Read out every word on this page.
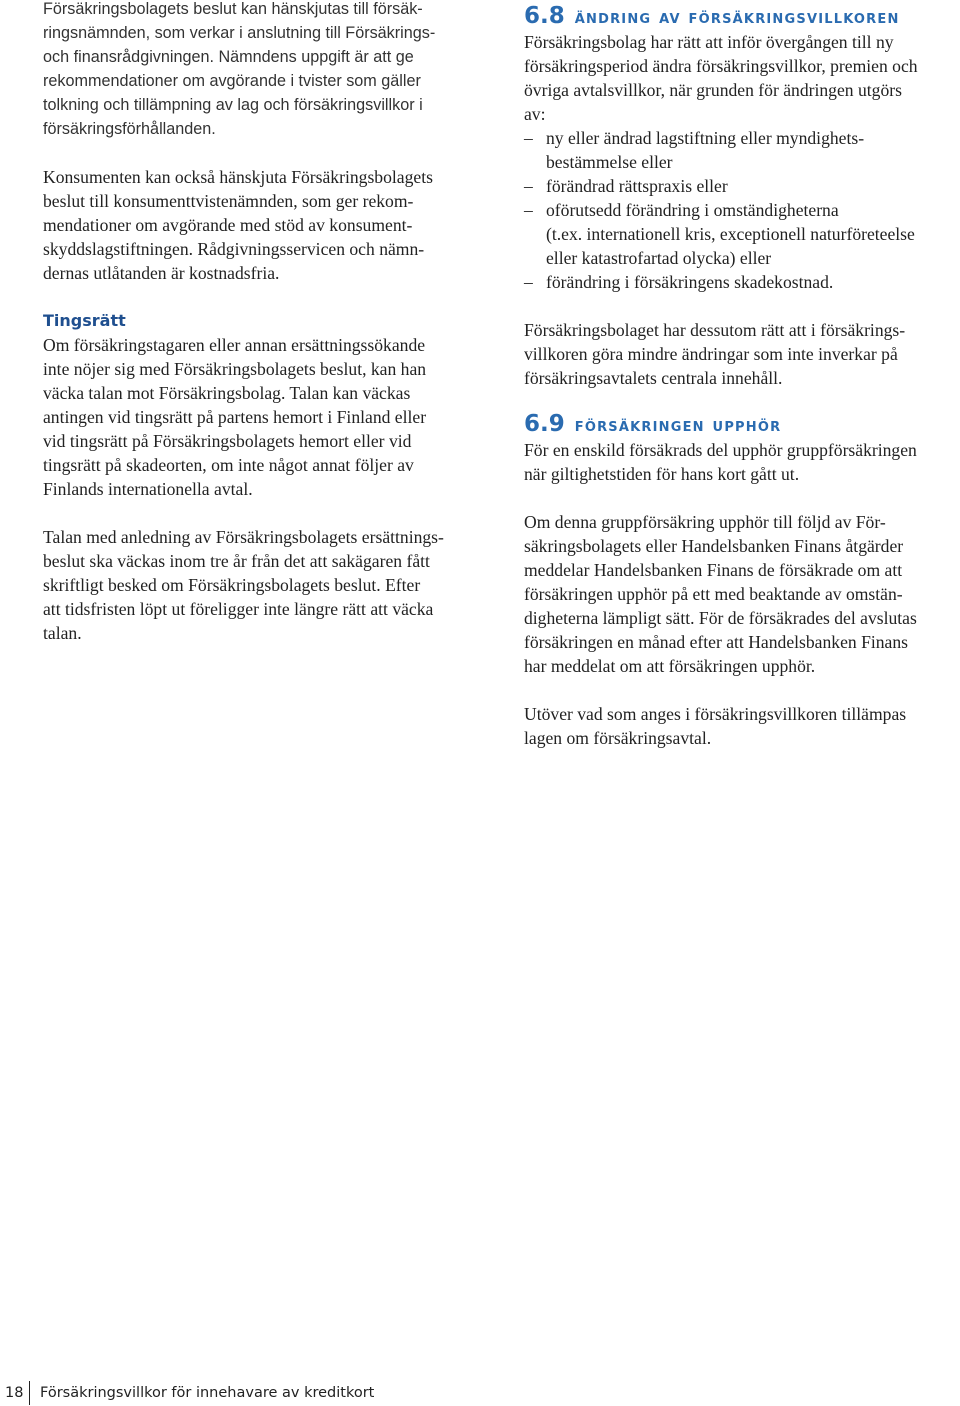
Försäkringsbolagets beslut kan hänskjutas till försäk-
ringsnämnden, som verkar i anslutning till Försäkrings-
och finansrådgivningen. Nämndens uppgift är att ge
rekommendationer om avgörande i tvister som gäller
tolkning och tillämpning av lag och försäkringsvillkor i
försäkringsförhållanden.

Konsumenten kan också hänskjuta Försäkringsbolagets
beslut till konsumenttvistenämnden, som ger rekom-
mendationer om avgörande med stöd av konsument-
skyddslagstiftningen. Rådgivningsservicen och nämn-
dernas utlåtanden är kostnadsfria.

Tingsrätt

Om försäkringstagaren eller annan ersättningssökande
inte nöjer sig med Försäkringsbolagets beslut, kan han
väcka talan mot Försäkringsbolag. Talan kan väckas
antingen vid tingsrätt på partens hemort i Finland eller
vid tingsrätt på Försäkringsbolagets hemort eller vid
tingsrätt på skadeorten, om inte något annat följer av
Finlands internationella avtal.

Talan med anledning av Försäkringsbolagets ersättnings-
beslut ska väckas inom tre år från det att sakägaren fått
skriftligt besked om Försäkringsbolagets beslut. Efter
att tidsfristen löpt ut föreligger inte längre rätt att väcka
talan.

6.8 ändring av försäkringsvillkoren

Försäkringsbolag har rätt att inför övergången till ny
försäkringsperiod ändra försäkringsvillkor, premien och
övriga avtalsvillkor, när grunden för ändringen utgörs
av:

– ny eller ändrad lagstiftning eller myndighets-
bestämmelse eller
– förändrad rättspraxis eller
– oförutsedd förändring i omständigheterna
(t.ex. internationell kris, exceptionell naturföreteelse
eller katastrofartad olycka) eller
– förändring i försäkringens skadekostnad.

Försäkringsbolaget har dessutom rätt att i försäkrings-
villkoren göra mindre ändringar som inte inverkar på
försäkringsavtalets centrala innehåll.

6.9 försäkringen upphör

För en enskild försäkrads del upphör gruppförsäkringen
när giltighetstiden för hans kort gått ut.

Om denna gruppförsäkring upphör till följd av För-
säkringsbolagets eller Handelsbanken Finans åtgärder
meddelar Handelsbanken Finans de försäkrade om att
försäkringen upphör på ett med beaktande av omstän-
digheterna lämpligt sätt. För de försäkrades del avslutas
försäkringen en månad efter att Handelsbanken Finans
har meddelat om att försäkringen upphör.

Utöver vad som anges i försäkringsvillkoren tillämpas
lagen om försäkringsavtal.

18 Försäkringsvillkor för innehavare av kreditkort
